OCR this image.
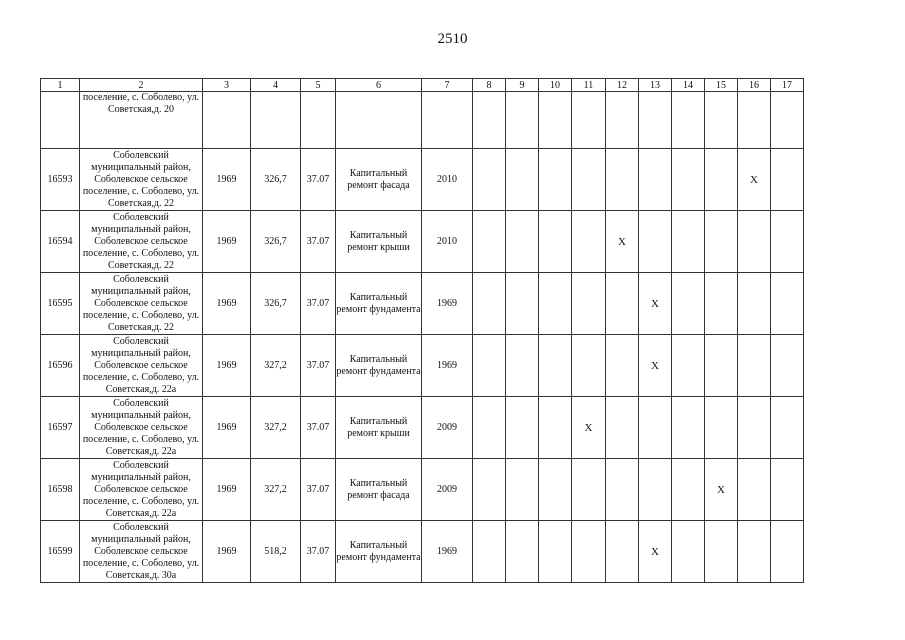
2510
1	2	3	4	5	6	7	8	9	10	11	12	13	14	15	16	17
	поселение, с. Соболево, ул. Советская,д. 20															
16593	Соболевский муниципальный район, Соболевское сельское поселение, с. Соболево, ул. Советская,д. 22	1969	326,7	37.07	Капитальный ремонт фасада	2010									X	
16594	Соболевский муниципальный район, Соболевское сельское поселение, с. Соболево, ул. Советская,д. 22	1969	326,7	37.07	Капитальный ремонт крыши	2010					X					
16595	Соболевский муниципальный район, Соболевское сельское поселение, с. Соболево, ул. Советская,д. 22	1969	326,7	37.07	Капитальный ремонт фундамента	1969						X				
16596	Соболевский муниципальный район, Соболевское сельское поселение, с. Соболево, ул. Советская,д. 22а	1969	327,2	37.07	Капитальный ремонт фундамента	1969						X				
16597	Соболевский муниципальный район, Соболевское сельское поселение, с. Соболево, ул. Советская,д. 22а	1969	327,2	37.07	Капитальный ремонт крыши	2009				X						
16598	Соболевский муниципальный район, Соболевское сельское поселение, с. Соболево, ул. Советская,д. 22а	1969	327,2	37.07	Капитальный ремонт фасада	2009								X		
16599	Соболевский муниципальный район, Соболевское сельское поселение, с. Соболево, ул. Советская,д. 30а	1969	518,2	37.07	Капитальный ремонт фундамента	1969						X				
